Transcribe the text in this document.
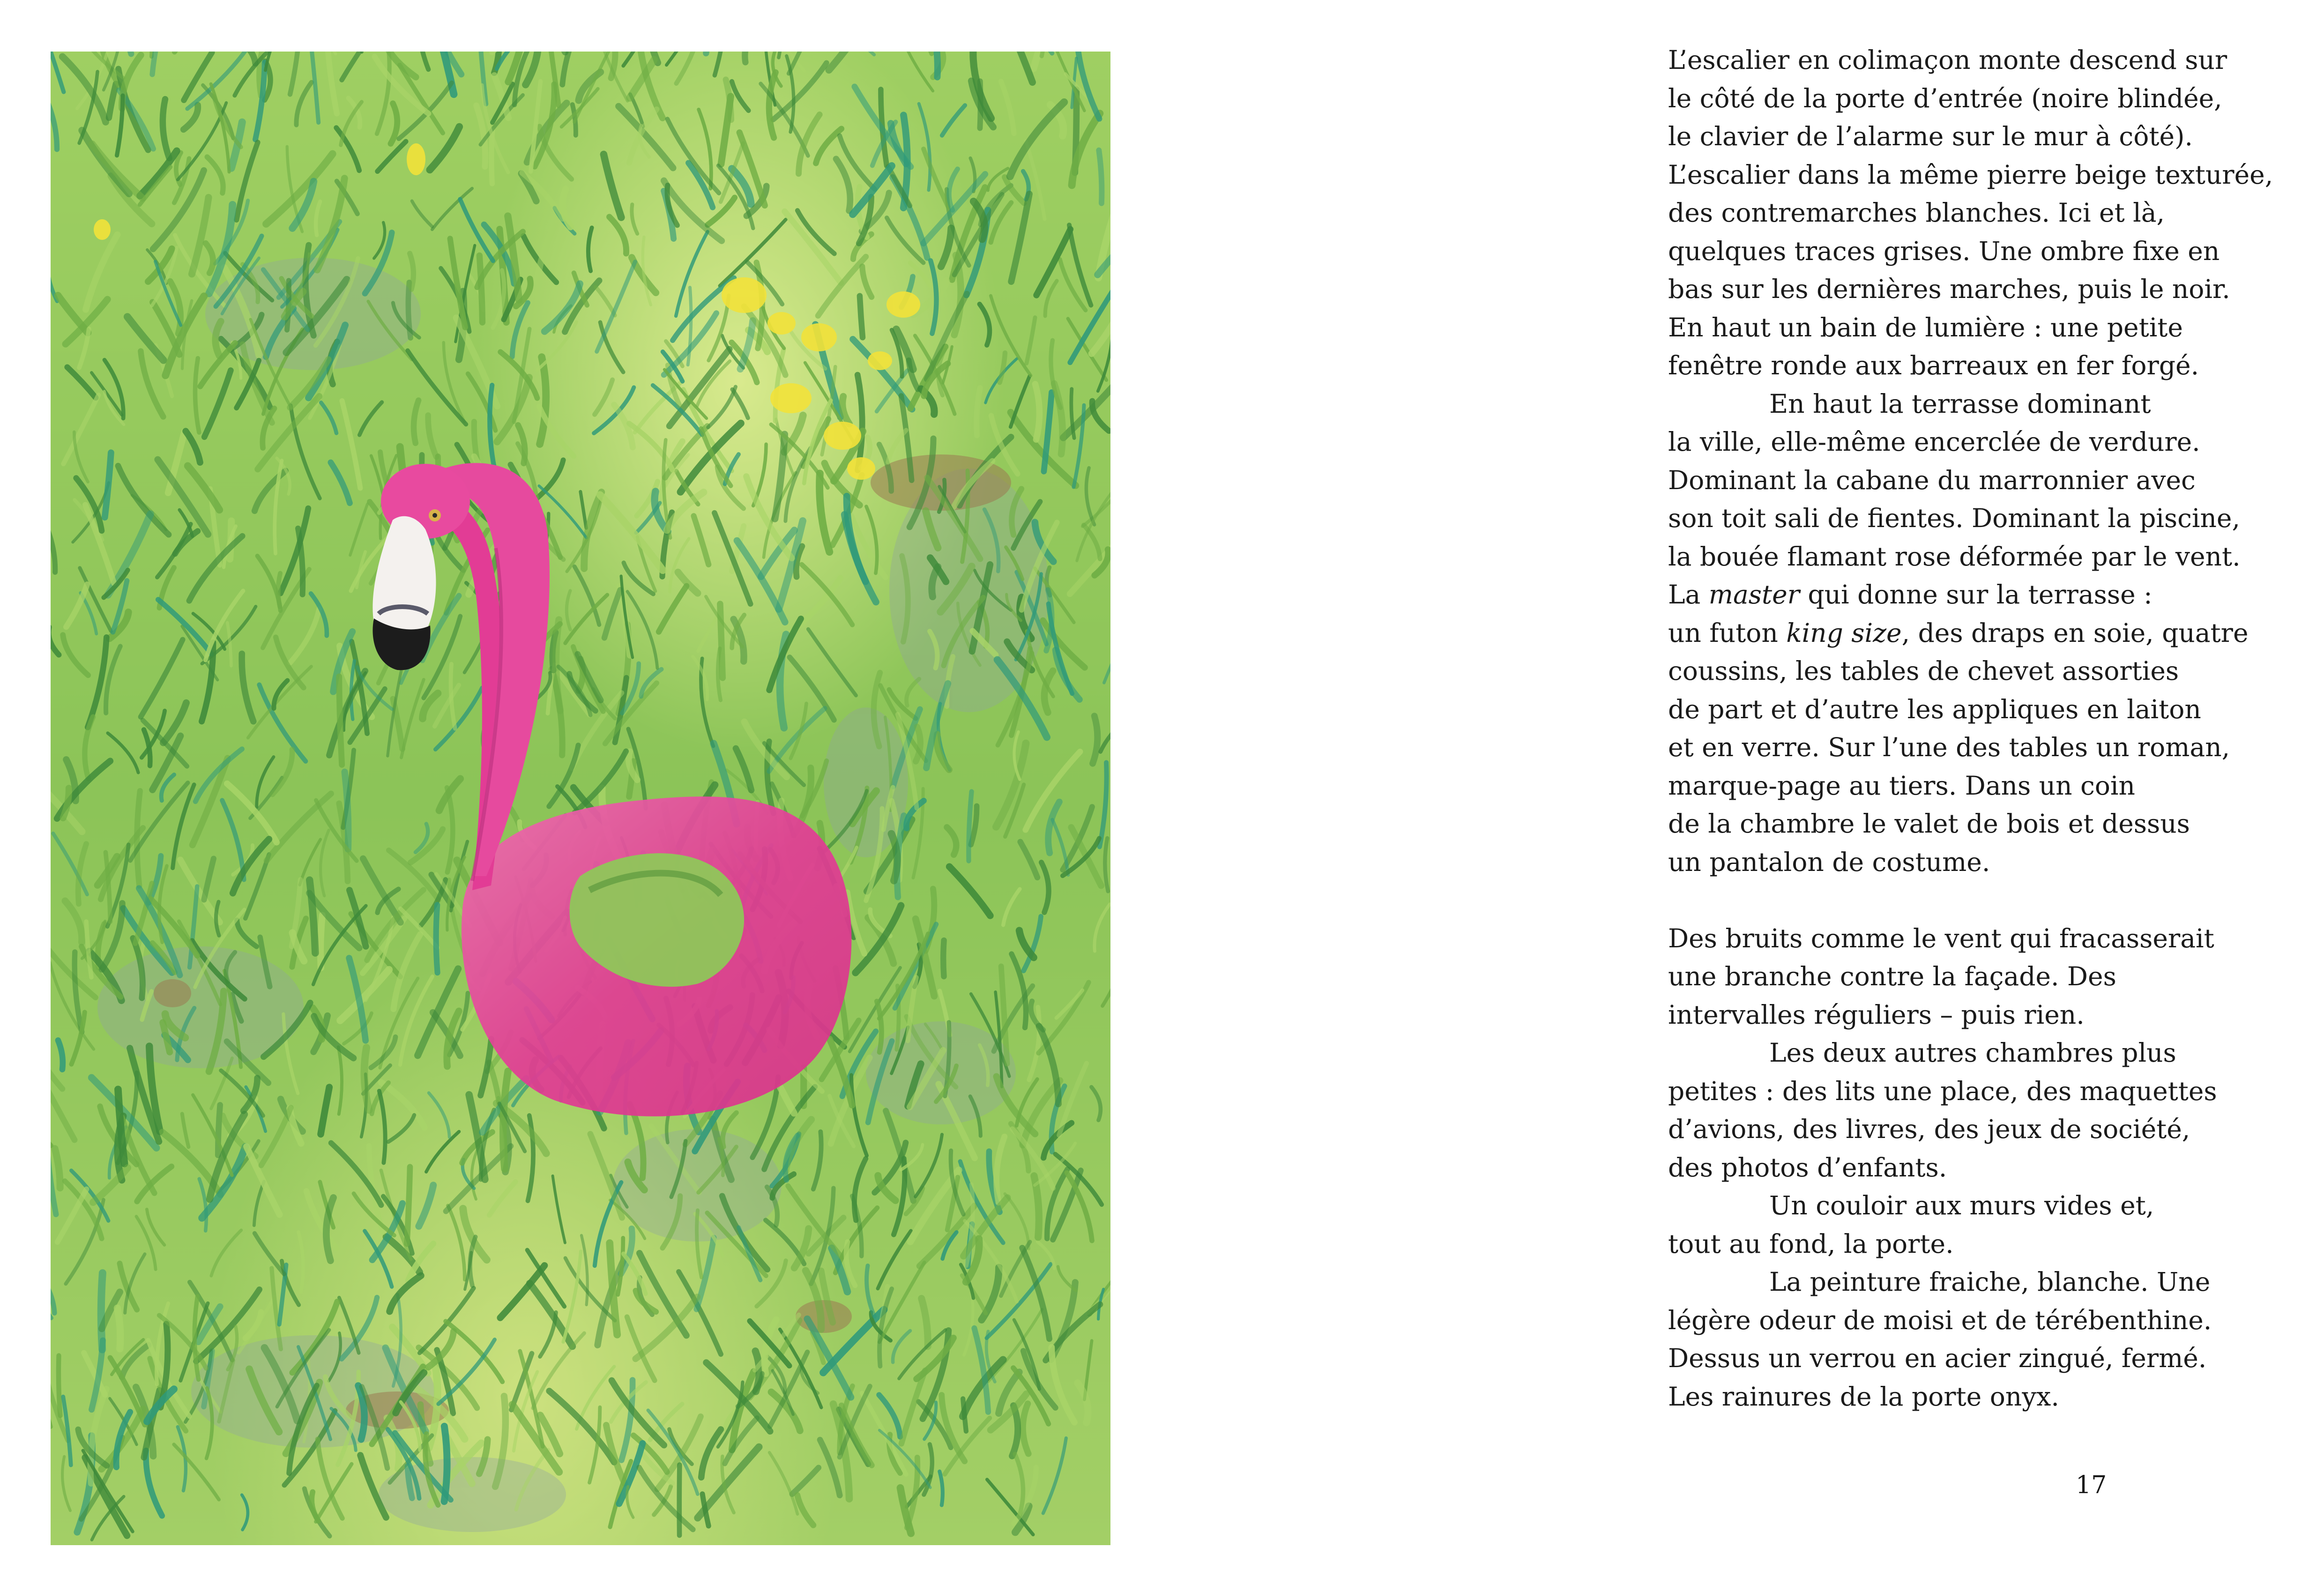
L’escalier en colimaçon monte descend sur
le côté de la porte d’entrée (noire blindée,
le clavier de l’alarme sur le mur à côté).
L’escalier dans la même pierre beige texturée,
des contremarches blanches. Ici et là,
quelques traces grises. Une ombre fixe en
bas sur les dernières marches, puis le noir.
En haut un bain de lumière : une petite
fenêtre ronde aux barreaux en fer forgé.
En haut la terrasse dominant
la ville, elle-même encerclée de verdure.
Dominant la cabane du marronnier avec
son toit sali de fientes. Dominant la piscine,
la bouée flamant rose déformée par le vent.
La master qui donne sur la terrasse :
un futon king size, des draps en soie, quatre
coussins, les tables de chevet assorties
de part et d’autre les appliques en laiton
et en verre. Sur l’une des tables un roman,
marque-page au tiers. Dans un coin
de la chambre le valet de bois et dessus
un pantalon de costume.
Des bruits comme le vent qui fracasserait
une branche contre la façade. Des
intervalles réguliers – puis rien.
Les deux autres chambres plus
petites : des lits une place, des maquettes
d’avions, des livres, des jeux de société,
des photos d’enfants.
Un couloir aux murs vides et,
tout au fond, la porte.
La peinture fraiche, blanche. Une
légère odeur de moisi et de térébenthine.
Dessus un verrou en acier zingué, fermé.
Les rainures de la porte onyx.
17
